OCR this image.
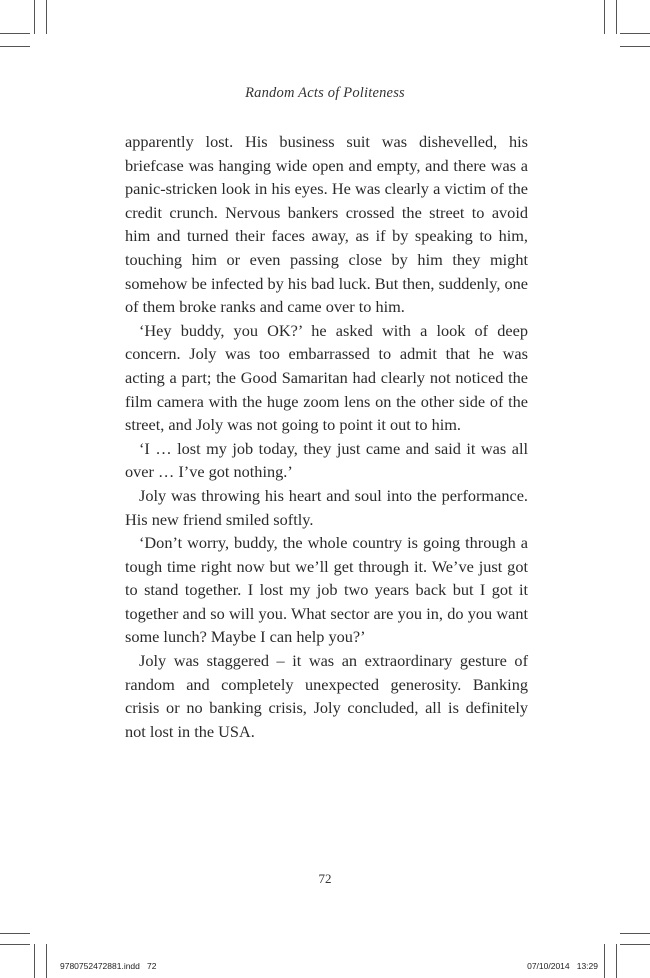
Random Acts of Politeness

apparently lost. His business suit was dishevelled, his briefcase was hanging wide open and empty, and there was a panic-stricken look in his eyes. He was clearly a victim of the credit crunch. Nervous bankers crossed the street to avoid him and turned their faces away, as if by speaking to him, touching him or even passing close by him they might somehow be infected by his bad luck. But then, suddenly, one of them broke ranks and came over to him.

‘Hey buddy, you OK?’ he asked with a look of deep concern. Joly was too embarrassed to admit that he was acting a part; the Good Samaritan had clearly not noticed the film camera with the huge zoom lens on the other side of the street, and Joly was not going to point it out to him.

‘I … lost my job today, they just came and said it was all over … I’ve got nothing.’

Joly was throwing his heart and soul into the performance. His new friend smiled softly.

‘Don’t worry, buddy, the whole country is going through a tough time right now but we’ll get through it. We’ve just got to stand together. I lost my job two years back but I got it together and so will you. What sector are you in, do you want some lunch? Maybe I can help you?’

Joly was staggered – it was an extraordinary gesture of random and completely unexpected generosity. Banking crisis or no banking crisis, Joly concluded, all is definitely not lost in the USA.

72
9780752472881.indd   72	07/10/2014   13:29
